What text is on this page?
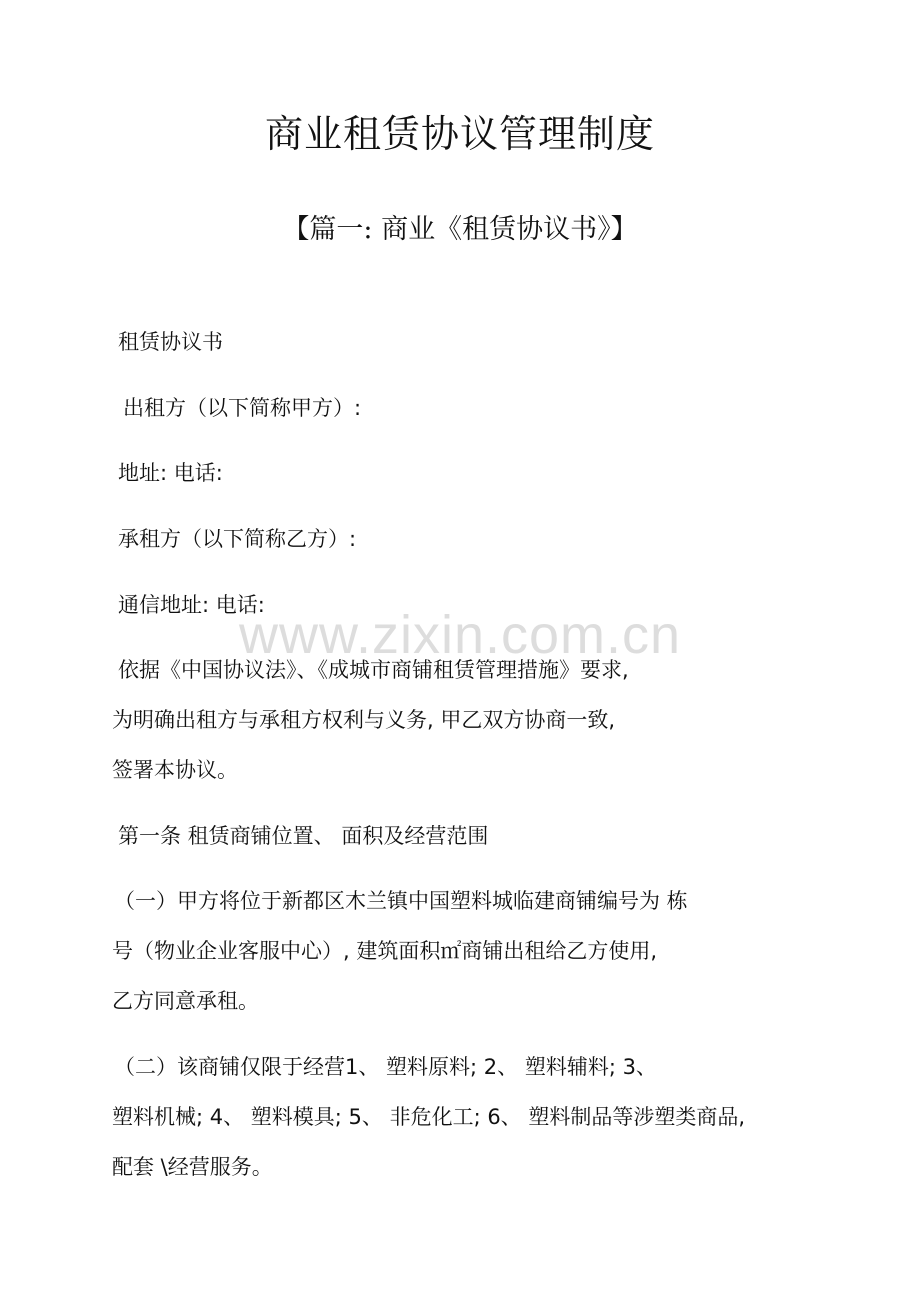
商业租赁协议管理制度
【篇一: 商业《租赁协议书》】
租赁协议书
出租方（以下简称甲方）:
地址: 电话:
承租方（以下简称乙方）:
通信地址: 电话:
www.zixin.com.cn
依据《中国协议法》、《成城市商铺租赁管理措施》要求,
为明确出租方与承租方权利与义务, 甲乙双方协商一致,
签署本协议。
第一条 租赁商铺位置、 面积及经营范围
（一）甲方将位于新都区木兰镇中国塑料城临建商铺编号为 栋
号（物业企业客服中心）, 建筑面积㎡商铺出租给乙方使用,
乙方同意承租。
（二）该商铺仅限于经营1、 塑料原料; 2、 塑料辅料; 3、
塑料机械; 4、 塑料模具; 5、 非危化工; 6、 塑料制品等涉塑类商品,
配套 \经营服务。
